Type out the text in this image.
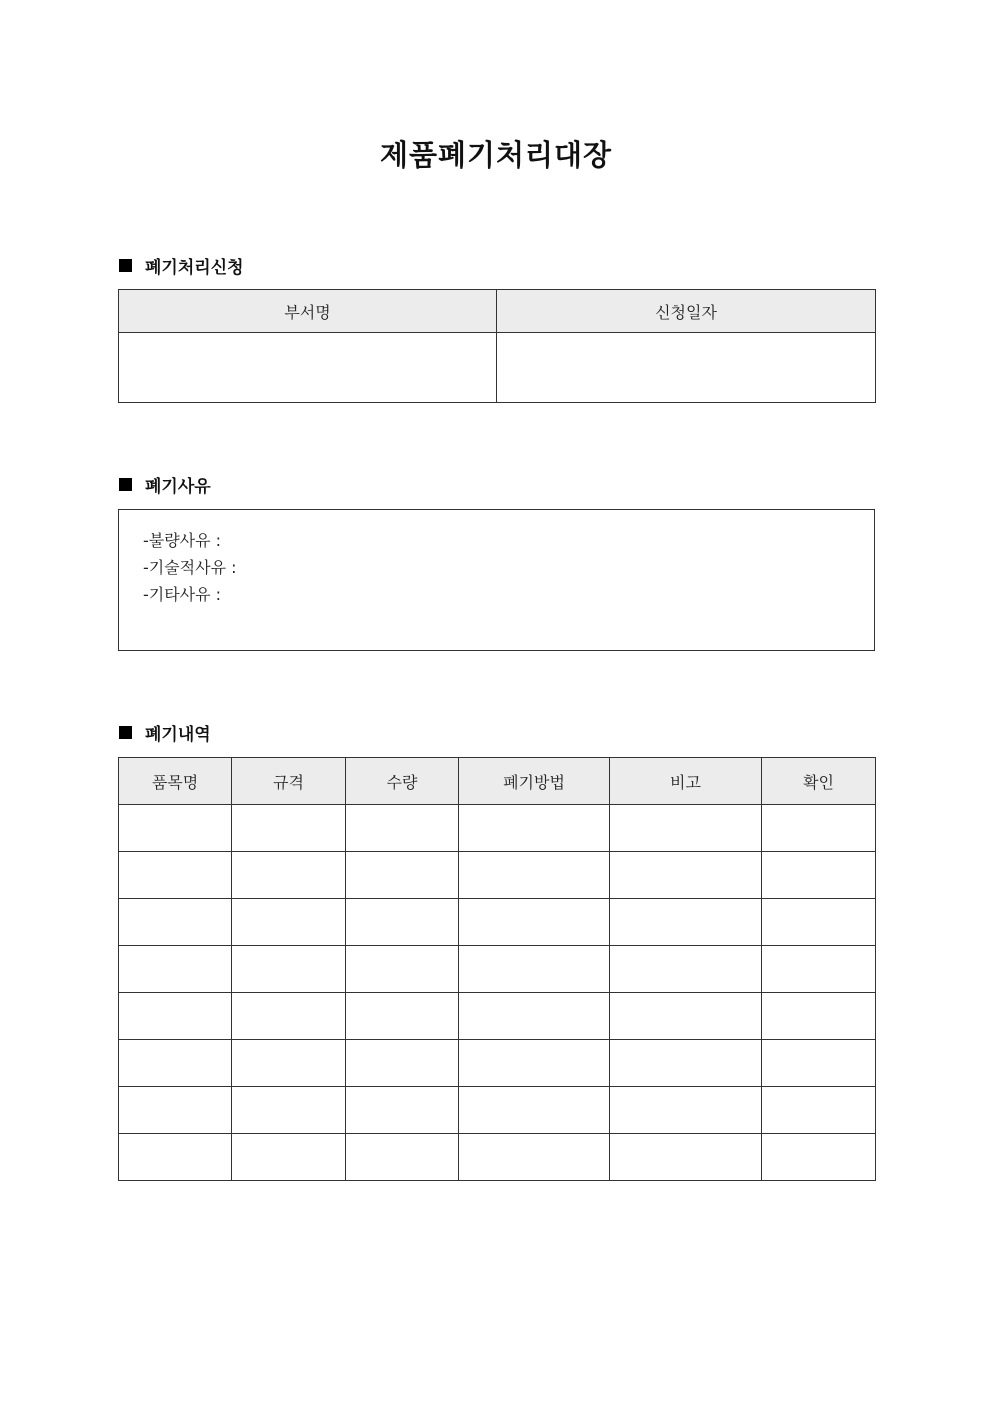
제품폐기처리대장
폐기처리신청
부서명	신청일자

폐기사유
-불량사유 :
-기술적사유 :
-기타사유 :
폐기내역
품목명	규격	수량	폐기방법	비고	확인
